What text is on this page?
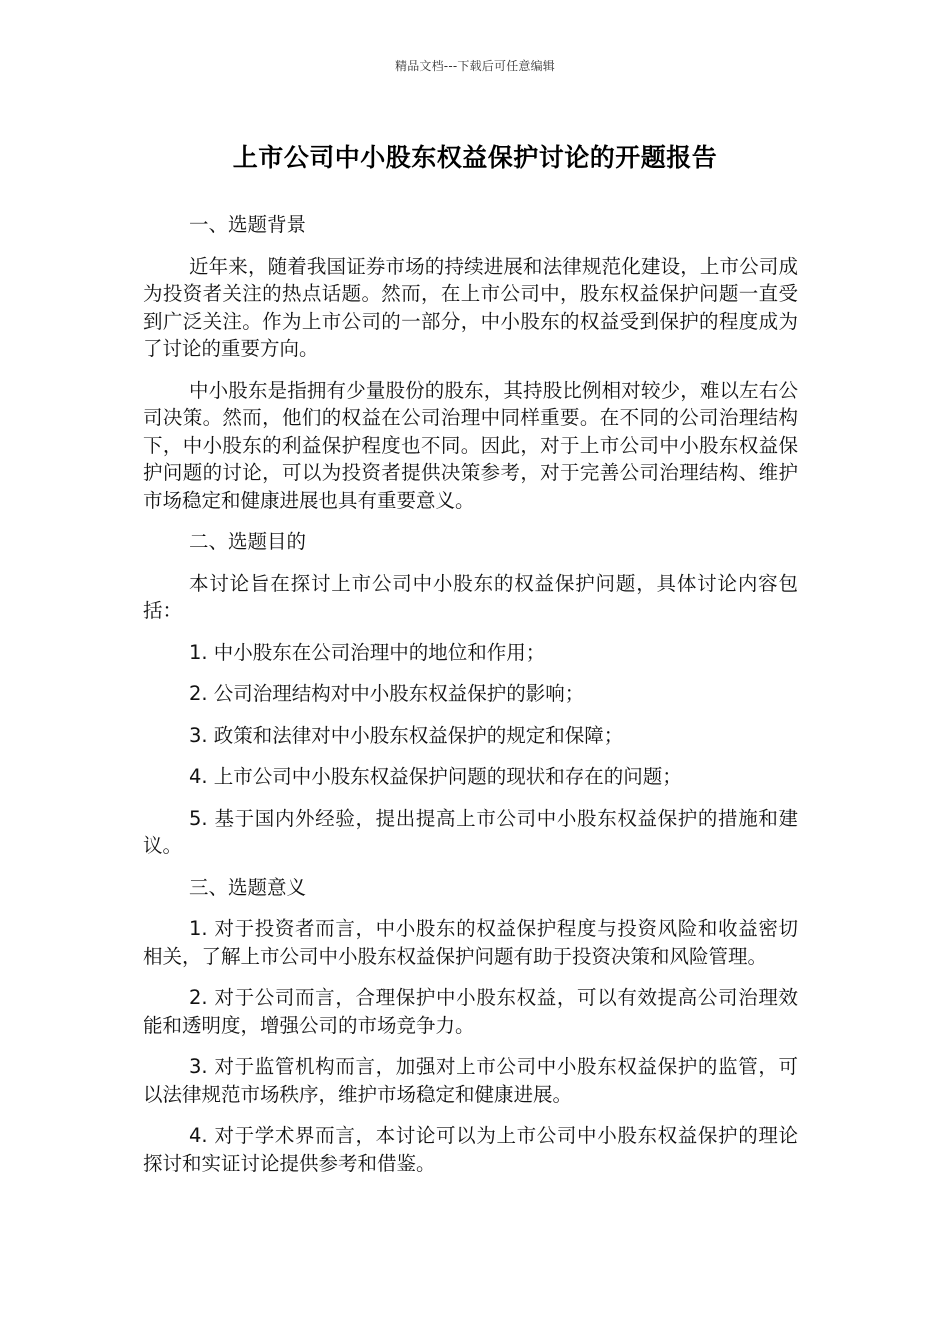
精品文档---下载后可任意编辑
上市公司中小股东权益保护讨论的开题报告

一、选题背景

近年来，随着我国证券市场的持续进展和法律规范化建设，上市公司成为投资者关注的热点话题。然而，在上市公司中，股东权益保护问题一直受到广泛关注。作为上市公司的一部分，中小股东的权益受到保护的程度成为了讨论的重要方向。

中小股东是指拥有少量股份的股东，其持股比例相对较少，难以左右公司决策。然而，他们的权益在公司治理中同样重要。在不同的公司治理结构下，中小股东的利益保护程度也不同。因此，对于上市公司中小股东权益保护问题的讨论，可以为投资者提供决策参考，对于完善公司治理结构、维护市场稳定和健康进展也具有重要意义。

二、选题目的

本讨论旨在探讨上市公司中小股东的权益保护问题，具体讨论内容包括：

1. 中小股东在公司治理中的地位和作用；

2. 公司治理结构对中小股东权益保护的影响；

3. 政策和法律对中小股东权益保护的规定和保障；

4. 上市公司中小股东权益保护问题的现状和存在的问题；

5. 基于国内外经验，提出提高上市公司中小股东权益保护的措施和建议。

三、选题意义

1. 对于投资者而言，中小股东的权益保护程度与投资风险和收益密切相关，了解上市公司中小股东权益保护问题有助于投资决策和风险管理。

2. 对于公司而言，合理保护中小股东权益，可以有效提高公司治理效能和透明度，增强公司的市场竞争力。

3. 对于监管机构而言，加强对上市公司中小股东权益保护的监管，可以法律规范市场秩序，维护市场稳定和健康进展。

4. 对于学术界而言，本讨论可以为上市公司中小股东权益保护的理论探讨和实证讨论提供参考和借鉴。
